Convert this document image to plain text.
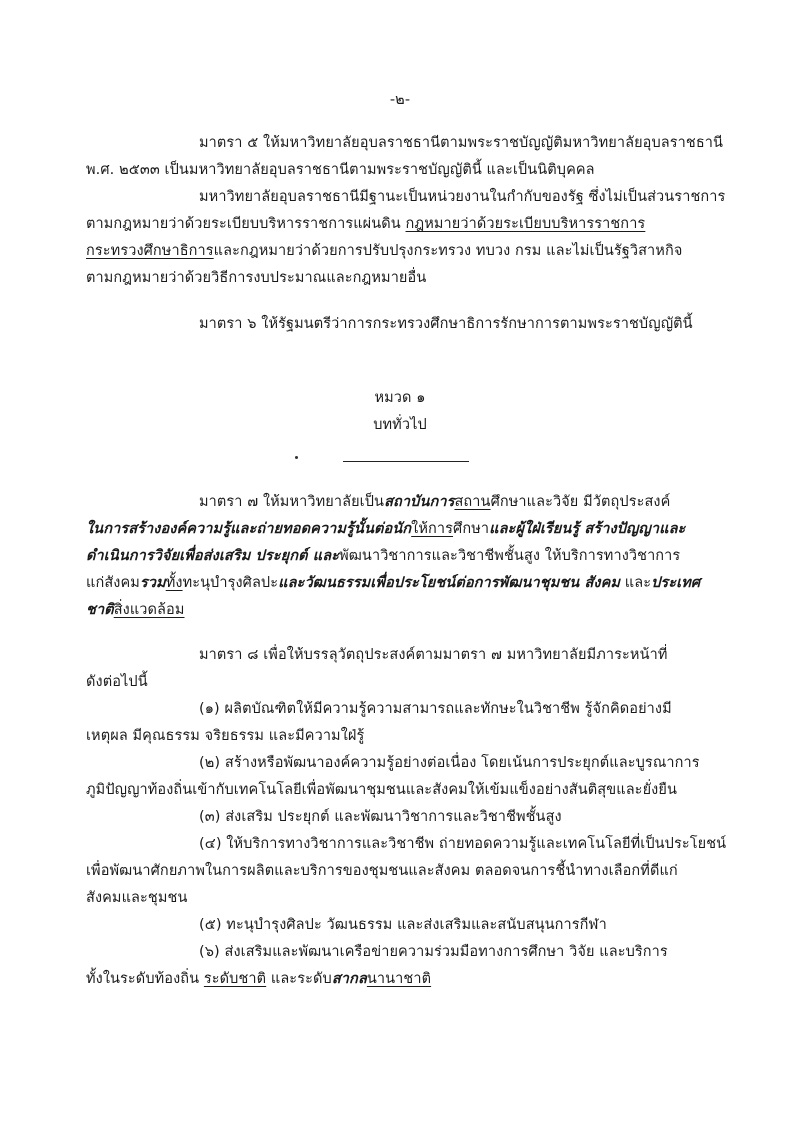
-๒-

มาตรา ๕ ให้มหาวิทยาลัยอุบลราชธานีตามพระราชบัญญัติมหาวิทยาลัยอุบลราชธานี

พ.ศ. ๒๕๓๓ เป็นมหาวิทยาลัยอุบลราชธานีตามพระราชบัญญัตินี้ และเป็นนิติบุคคล

มหาวิทยาลัยอุบลราชธานีมีฐานะเป็นหน่วยงานในกำกับของรัฐ ซึ่งไม่เป็นส่วนราชการ

ตามกฎหมายว่าด้วยระเบียบบริหารราชการแผ่นดิน กฎหมายว่าด้วยระเบียบบริหารราชการ

กระทรวงศึกษาธิการและกฎหมายว่าด้วยการปรับปรุงกระทรวง ทบวง กรม และไม่เป็นรัฐวิสาหกิจ

ตามกฎหมายว่าด้วยวิธีการงบประมาณและกฎหมายอื่น

มาตรา ๖ ให้รัฐมนตรีว่าการกระทรวงศึกษาธิการรักษาการตามพระราชบัญญัตินี้

หมวด ๑

บททั่วไป

มาตรา ๗ ให้มหาวิทยาลัยเป็นสถาบันการสถานศึกษาและวิจัย มีวัตถุประสงค์

ในการสร้างองค์ความรู้และถ่ายทอดความรู้นั้นต่อนักให้การศึกษาและผู้ใฝ่เรียนรู้ สร้างปัญญาและ

ดำเนินการวิจัยเพื่อส่งเสริม ประยุกต์ และพัฒนาวิชาการและวิชาชีพชั้นสูง ให้บริการทางวิชาการ

แก่สังคมรวมทั้งทะนุบำรุงศิลปะและวัฒนธรรมเพื่อประโยชน์ต่อการพัฒนาชุมชน สังคม และประเทศ

ชาติสิ่งแวดล้อม

มาตรา ๘ เพื่อให้บรรลุวัตถุประสงค์ตามมาตรา ๗ มหาวิทยาลัยมีภาระหน้าที่

ดังต่อไปนี้

(๑) ผลิตบัณฑิตให้มีความรู้ความสามารถและทักษะในวิชาชีพ รู้จักคิดอย่างมี

เหตุผล มีคุณธรรม จริยธรรม และมีความใฝ่รู้

(๒) สร้างหรือพัฒนาองค์ความรู้อย่างต่อเนื่อง โดยเน้นการประยุกต์และบูรณาการ

ภูมิปัญญาท้องถิ่นเข้ากับเทคโนโลยีเพื่อพัฒนาชุมชนและสังคมให้เข้มแข็งอย่างสันติสุขและยั่งยืน

(๓) ส่งเสริม ประยุกต์ และพัฒนาวิชาการและวิชาชีพชั้นสูง

(๔) ให้บริการทางวิชาการและวิชาชีพ ถ่ายทอดความรู้และเทคโนโลยีที่เป็นประโยชน์

เพื่อพัฒนาศักยภาพในการผลิตและบริการของชุมชนและสังคม ตลอดจนการชี้นำทางเลือกที่ดีแก่

สังคมและชุมชน

(๕) ทะนุบำรุงศิลปะ วัฒนธรรม และส่งเสริมและสนับสนุนการกีฬา

(๖) ส่งเสริมและพัฒนาเครือข่ายความร่วมมือทางการศึกษา วิจัย และบริการ

ทั้งในระดับท้องถิ่น ระดับชาติ และระดับสากลนานาชาติ
